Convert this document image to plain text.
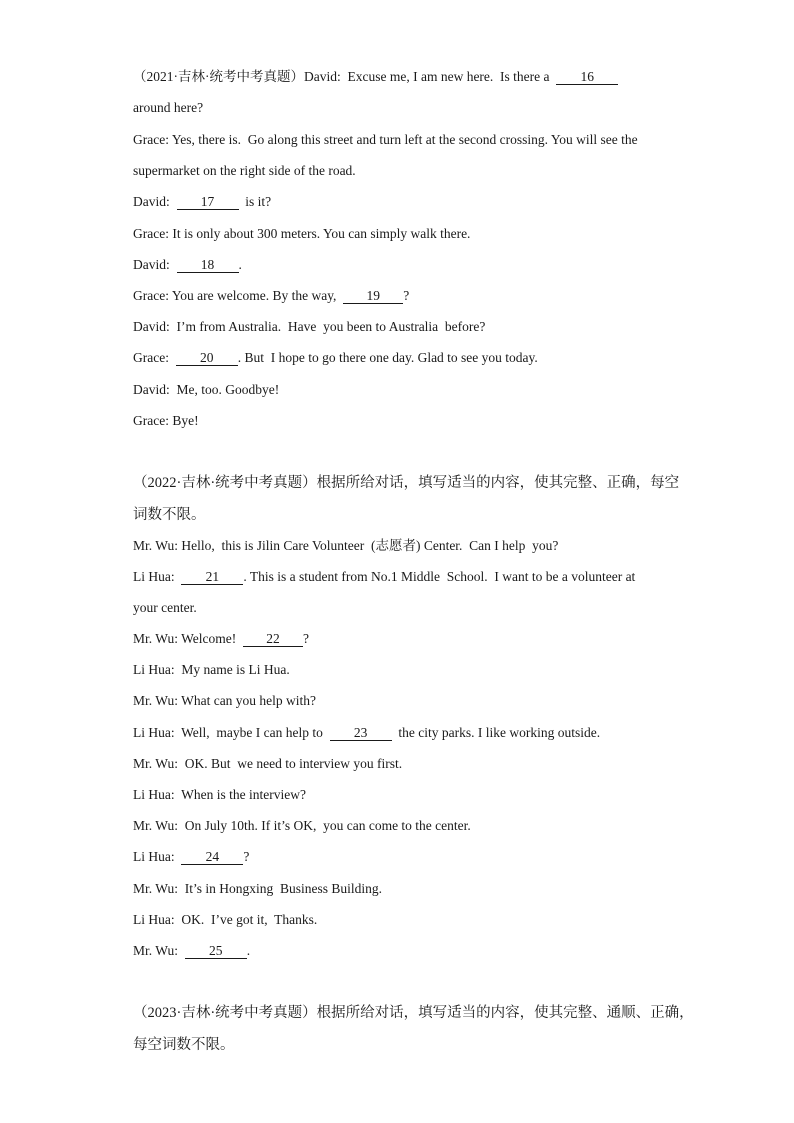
（2021·吉林·统考中考真题）David:  Excuse me, I am new here.  Is there a  16
around here?
Grace: Yes, there is.  Go along this street and turn left at the second crossing. You will see the
supermarket on the right side of the road.
David:  17  is it?
Grace: It is only about 300 meters. You can simply walk there.
David:  18 .
Grace: You are welcome. By the way,  19 ?
David:  I’m from Australia.  Have  you been to Australia  before?
Grace:  20 . But  I hope to go there one day. Glad to see you today.
David:  Me, too. Goodbye!
Grace: Bye!
（2022·吉林·统考中考真题）根据所给对话，填写适当的内容，使其完整、正确，每空
词数不限。
Mr. Wu: Hello,  this is Jilin Care Volunteer  (志愿者) Center.  Can I help  you?
Li Hua:  21 . This is a student from No.1 Middle  School.  I want to be a volunteer at
your center.
Mr. Wu: Welcome!  22 ?
Li Hua:  My name is Li Hua.
Mr. Wu: What can you help with?
Li Hua:  Well,  maybe I can help to  23  the city parks. I like working outside.
Mr. Wu:  OK. But  we need to interview you first.
Li Hua:  When is the interview?
Mr. Wu:  On July 10th. If it’s OK,  you can come to the center.
Li Hua:  24 ?
Mr. Wu:  It’s in Hongxing  Business Building.
Li Hua:  OK.  I’ve got it,  Thanks.
Mr. Wu:  25 .
（2023·吉林·统考中考真题）根据所给对话，填写适当的内容，使其完整、通顺、正确，
每空词数不限。
